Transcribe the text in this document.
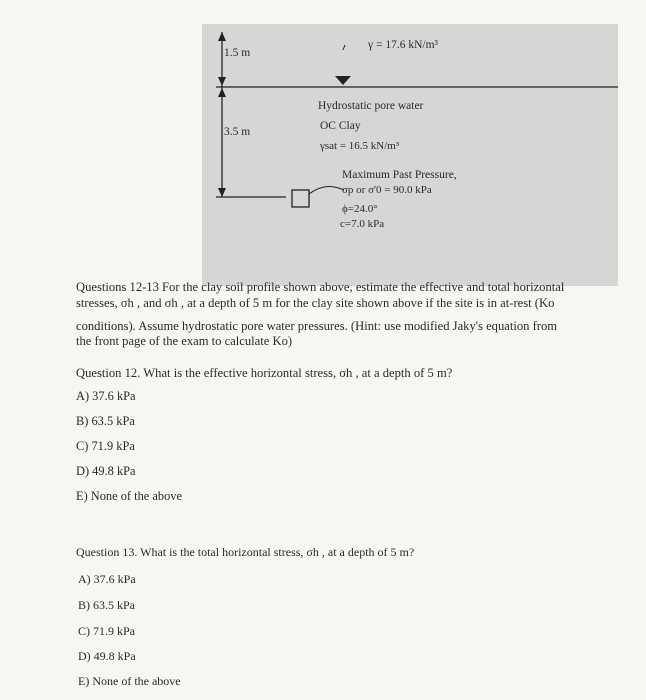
1.5 m
3.5 m
γ = 17.6 kN/m³
Hydrostatic pore water
OC Clay
γsat = 16.5 kN/m³
Maximum Past Pressure,
σp or σ'0 = 90.0 kPa
ϕ=24.0°
c=7.0 kPa
Questions 12-13 For the clay soil profile shown above, estimate the effective and total horizontal
stresses, σh , and σh , at a depth of 5 m for the clay site shown above if the site is in at-rest (Ko
conditions). Assume hydrostatic pore water pressures. (Hint: use modified Jaky's equation from
the front page of the exam to calculate Ko)
Question 12. What is the effective horizontal stress, σh , at a depth of 5 m?
A) 37.6 kPa
B) 63.5 kPa
C) 71.9 kPa
D) 49.8 kPa
E) None of the above
Question 13. What is the total horizontal stress, σh , at a depth of 5 m?
A) 37.6 kPa
B) 63.5 kPa
C) 71.9 kPa
D) 49.8 kPa
E) None of the above
